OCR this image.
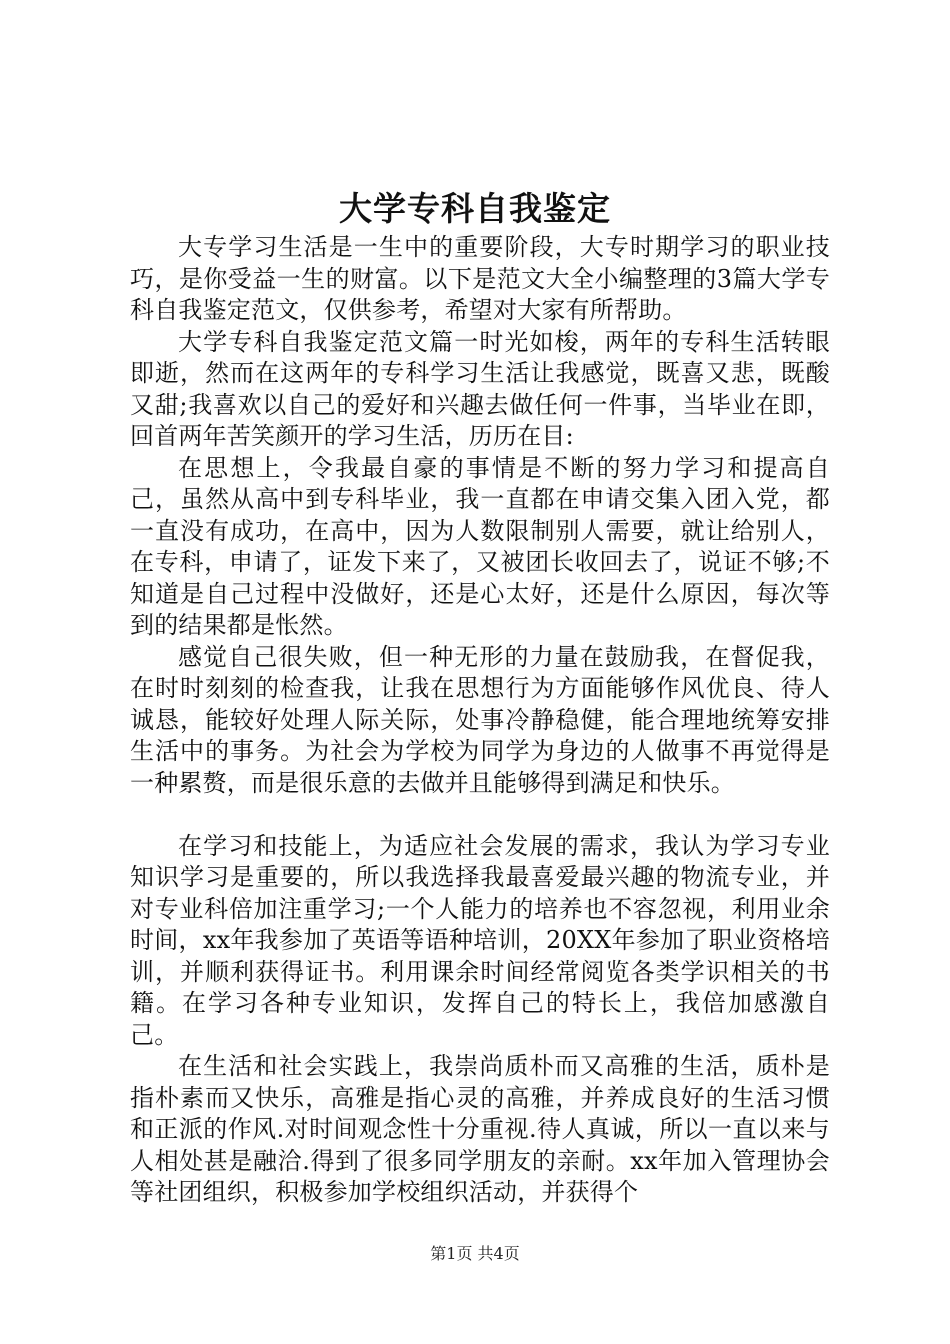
大学专科自我鉴定

大专学习生活是一生中的重要阶段，大专时期学习的职业技巧，是你受益一生的财富。以下是范文大全小编整理的3篇大学专科自我鉴定范文，仅供参考，希望对大家有所帮助。

大学专科自我鉴定范文篇一时光如梭，两年的专科生活转眼即逝，然而在这两年的专科学习生活让我感觉，既喜又悲，既酸又甜;我喜欢以自己的爱好和兴趣去做任何一件事，当毕业在即，回首两年苦笑颜开的学习生活，历历在目:

在思想上，令我最自豪的事情是不断的努力学习和提高自己，虽然从高中到专科毕业，我一直都在申请交集入团入党，都一直没有成功，在高中，因为人数限制别人需要，就让给别人，在专科，申请了，证发下来了，又被团长收回去了，说证不够;不知道是自己过程中没做好，还是心太好，还是什么原因，每次等到的结果都是怅然。

感觉自己很失败，但一种无形的力量在鼓励我，在督促我，在时时刻刻的检查我，让我在思想行为方面能够作风优良、待人诚恳，能较好处理人际关际，处事冷静稳健，能合理地统筹安排生活中的事务。为社会为学校为同学为身边的人做事不再觉得是一种累赘，而是很乐意的去做并且能够得到满足和快乐。

在学习和技能上，为适应社会发展的需求，我认为学习专业知识学习是重要的，所以我选择我最喜爱最兴趣的物流专业，并对专业科倍加注重学习;一个人能力的培养也不容忽视，利用业余时间，xx年我参加了英语等语种培训，20XX年参加了职业资格培训，并顺利获得证书。利用课余时间经常阅览各类学识相关的书籍。在学习各种专业知识，发挥自己的特长上，我倍加感激自己。

在生活和社会实践上，我崇尚质朴而又高雅的生活，质朴是指朴素而又快乐，高雅是指心灵的高雅，并养成良好的生活习惯和正派的作风.对时间观念性十分重视.待人真诚，所以一直以来与人相处甚是融洽.得到了很多同学朋友的亲耐。xx年加入管理协会等社团组织，积极参加学校组织活动，并获得个

第1页 共4页
